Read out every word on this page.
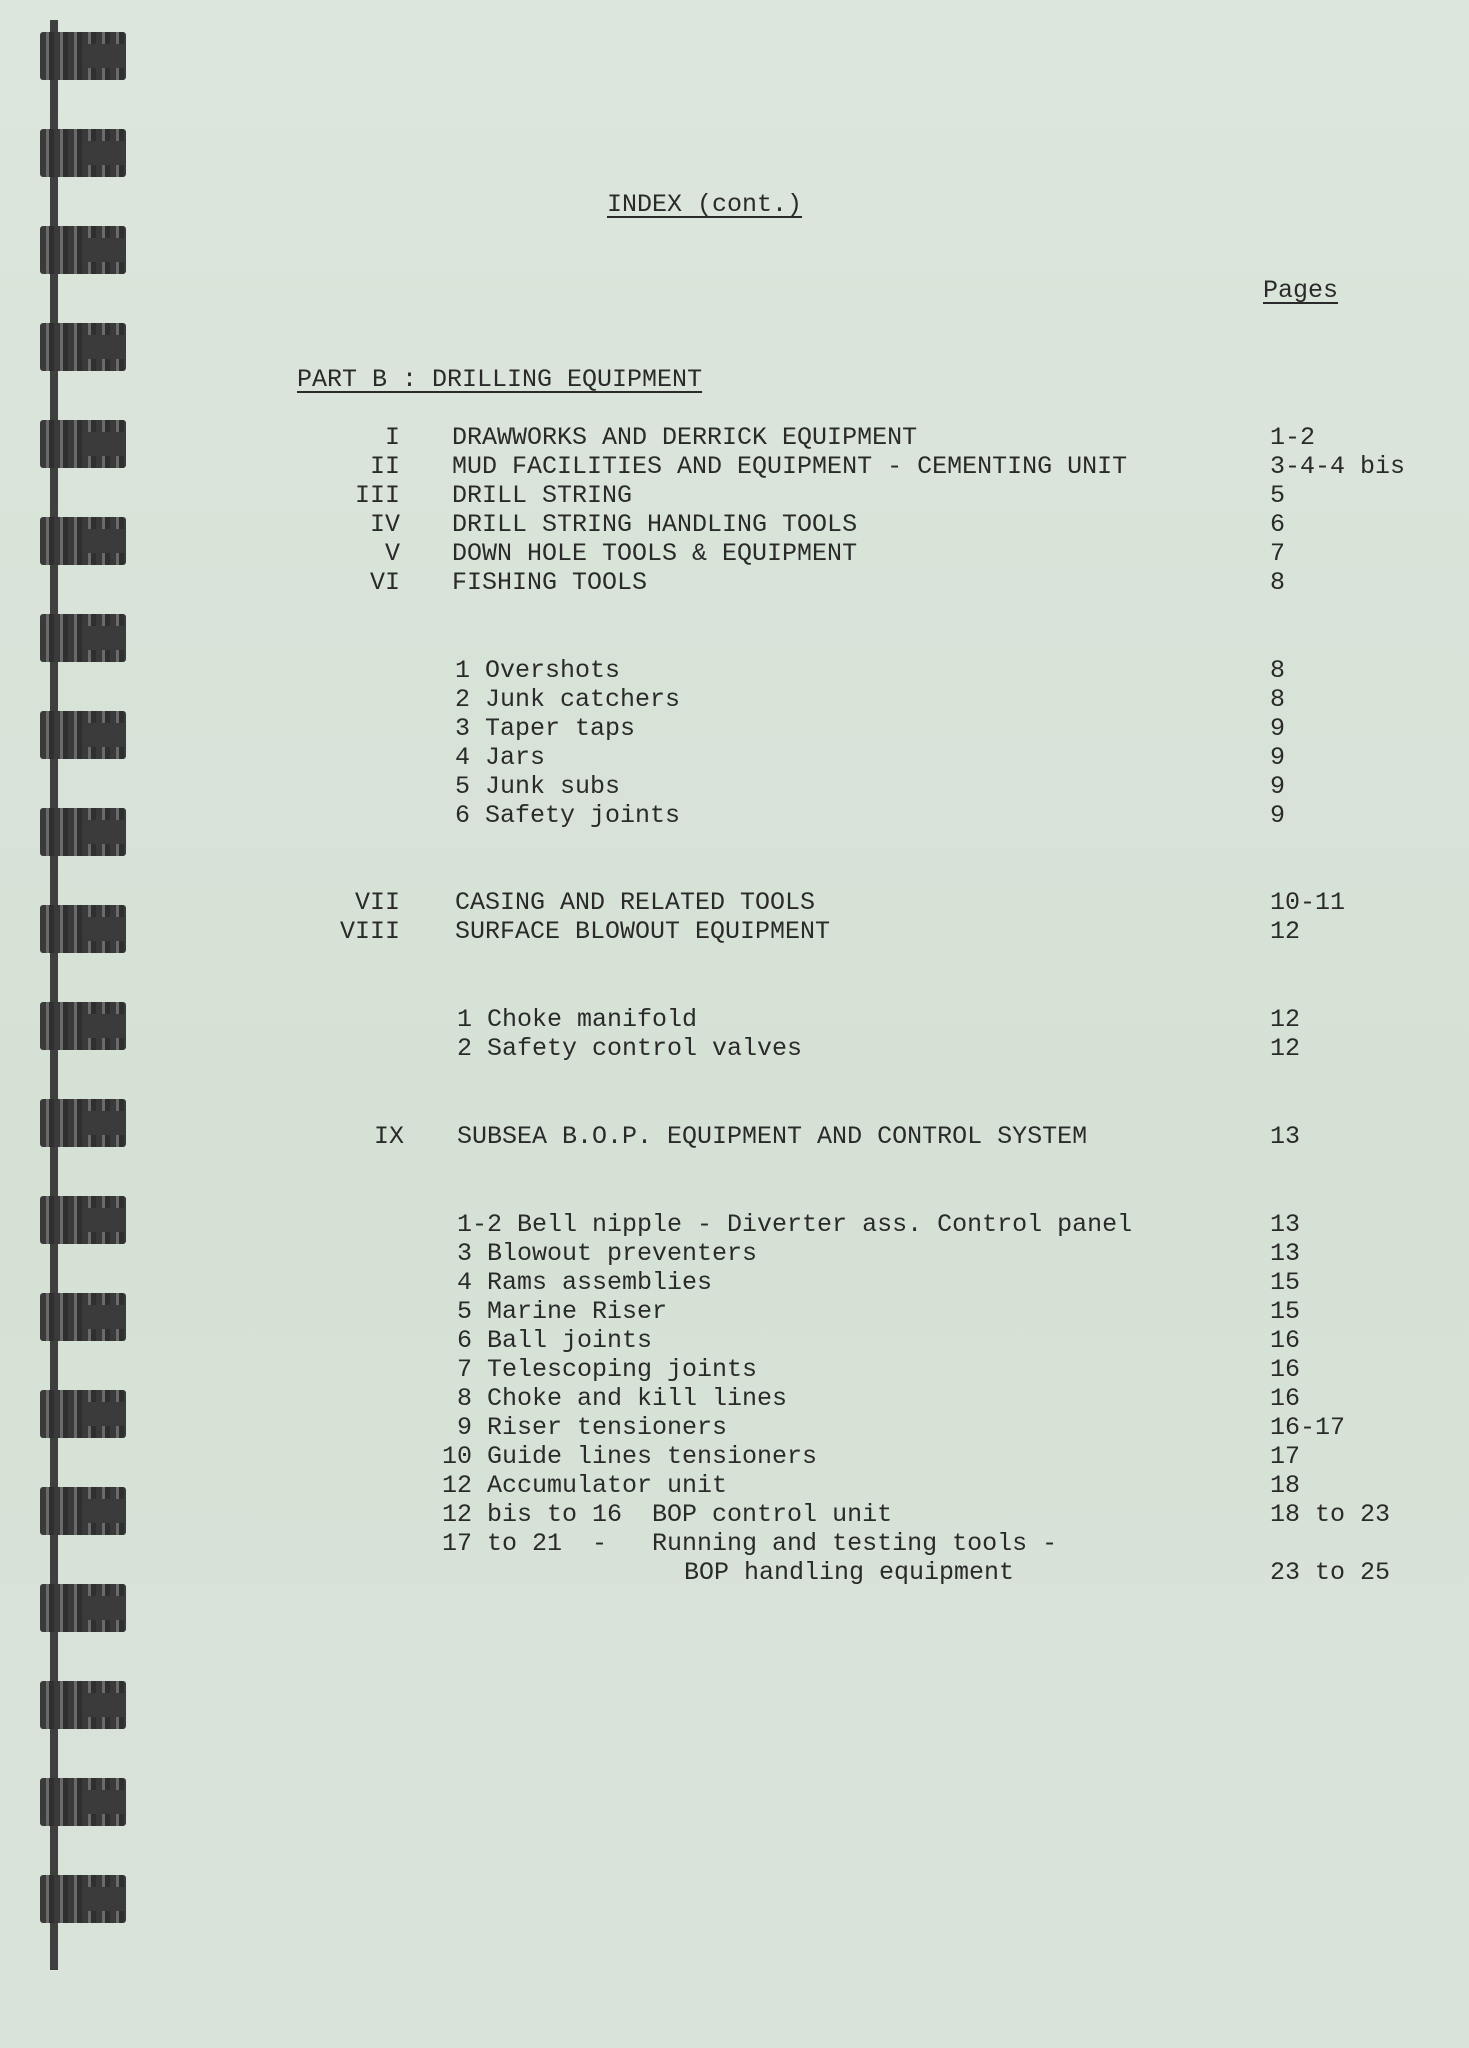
INDEX (cont.)
Pages
PART B : DRILLING EQUIPMENT
I DRAWWORKS AND DERRICK EQUIPMENT	1-2
II MUD FACILITIES AND EQUIPMENT - CEMENTING UNIT	3-4-4 bis
III DRILL STRING	5
IV DRILL STRING HANDLING TOOLS	6
V DOWN HOLE TOOLS & EQUIPMENT	7
VI FISHING TOOLS	8
1 Overshots	8
2 Junk catchers	8
3 Taper taps	9
4 Jars	9
5 Junk subs	9
6 Safety joints	9
VII CASING AND RELATED TOOLS	10-11
VIII SURFACE BLOWOUT EQUIPMENT	12
1 Choke manifold	12
2 Safety control valves	12
IX SUBSEA B.O.P. EQUIPMENT AND CONTROL SYSTEM	13
1-2 Bell nipple - Diverter ass. Control panel	13
3 Blowout preventers	13
4 Rams assemblies	15
5 Marine Riser	15
6 Ball joints	16
7 Telescoping joints	16
8 Choke and kill lines	16
9 Riser tensioners	16-17
10 Guide lines tensioners	17
12 Accumulator unit	18
12 bis to 16  BOP control unit	18 to 23
17 to 21  -   Running and testing tools -
BOP handling equipment	23 to 25
